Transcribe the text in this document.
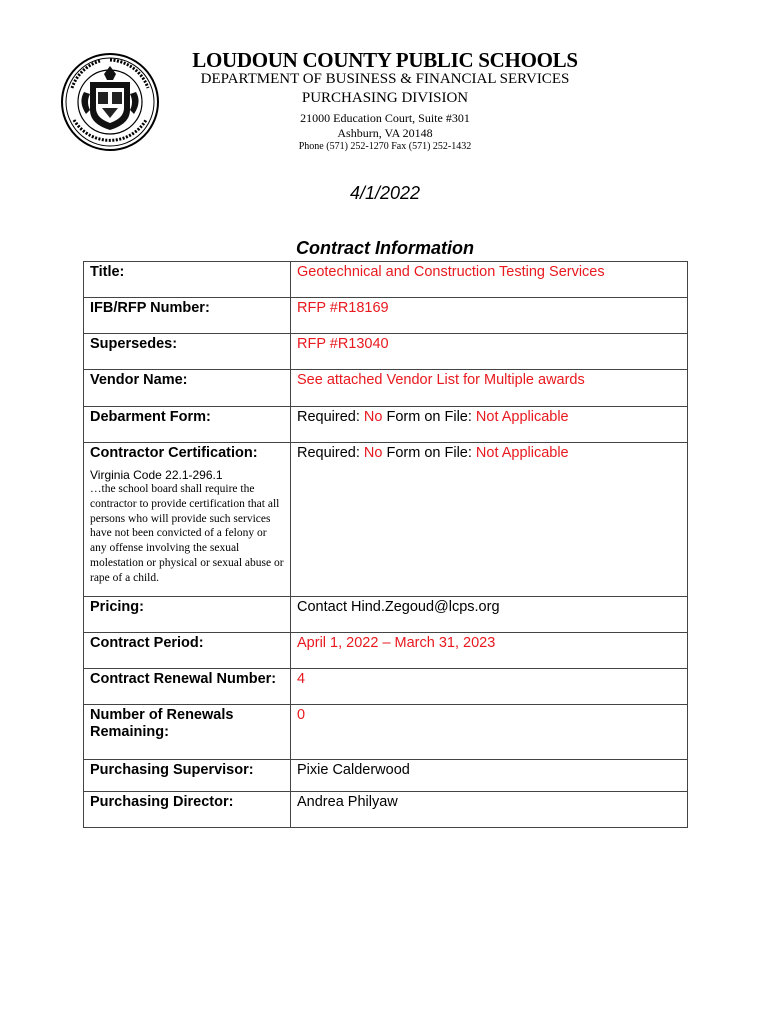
LOUDOUN COUNTY PUBLIC SCHOOLS
DEPARTMENT OF BUSINESS & FINANCIAL SERVICES
PURCHASING DIVISION
21000 Education Court, Suite #301
Ashburn, VA 20148
Phone (571) 252-1270 Fax (571) 252-1432
4/1/2022
Contract Information
Title:	Geotechnical and Construction Testing Services
IFB/RFP Number:	RFP #R18169
Supersedes:	RFP #R13040
Vendor Name:	See attached Vendor List for Multiple awards
Debarment Form:	Required: No Form on File: Not Applicable

Contractor Certification:
Virginia Code 22.1-296.1
…the school board shall require the contractor to provide certification that all persons who will provide such services have not been convicted of a felony or any offense involving the sexual molestation or physical or sexual abuse or rape of a child.	Required: No Form on File: Not Applicable
Pricing:	Contact Hind.Zegoud@lcps.org
Contract Period:	April 1, 2022 – March 31, 2023
Contract Renewal Number:	4
Number of Renewals Remaining:	0
Purchasing Supervisor:	Pixie Calderwood
Purchasing Director:	Andrea Philyaw
